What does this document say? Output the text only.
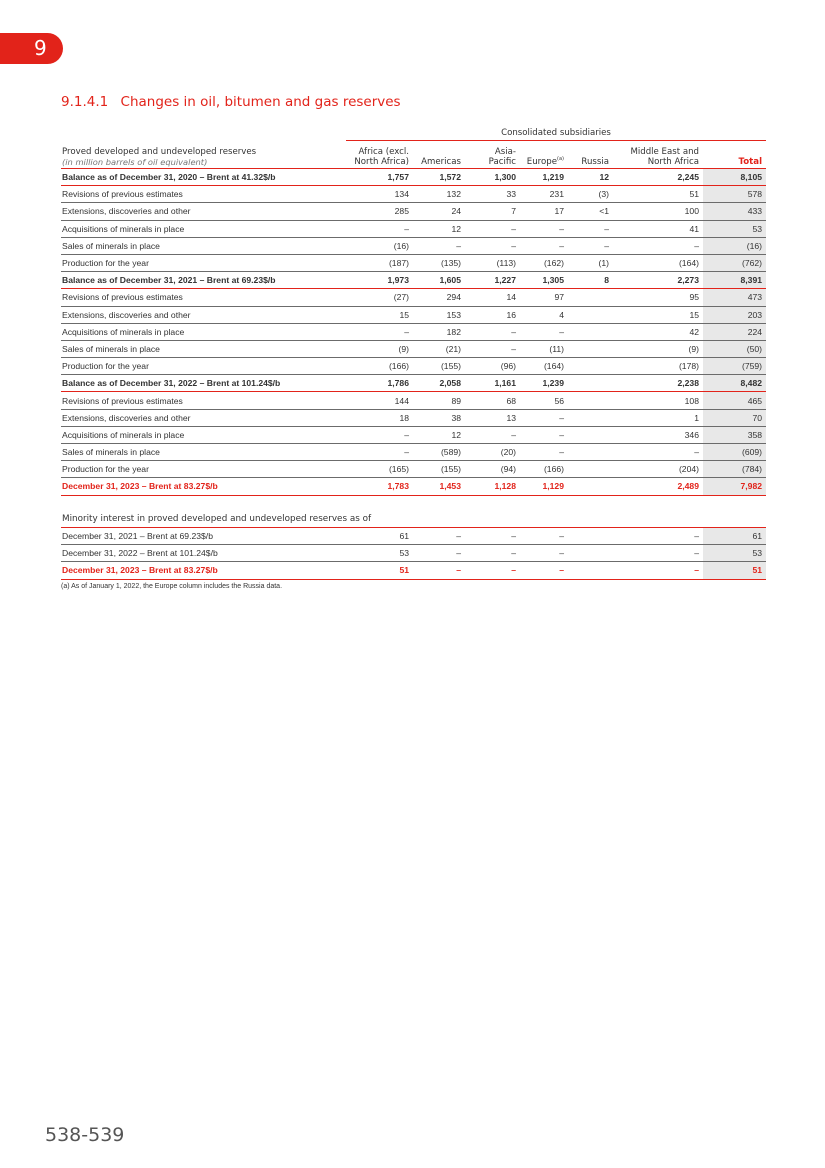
9
9.1.4.1 Changes in oil, bitumen and gas reserves
	Consolidated subsidiaries						

Proved developed and undeveloped reserves
(in million barrels of oil equivalent)	Africa (excl. North Africa)	Americas	Asia-Pacific	Europe$^{(a)}$	Russia	Middle East and North Africa	Total
Balance as of December 31, 2020 – Brent at 41.32$/b	1,757	1,572	1,300	1,219	12	2,245	8,105
Revisions of previous estimates	134	132	33	231	(3)	51	578
Extensions, discoveries and other	285	24	7	17	<1	100	433
Acquisitions of minerals in place	–	12	–	–	–	41	53
Sales of minerals in place	(16)	–	–	–	–	–	(16)
Production for the year	(187)	(135)	(113)	(162)	(1)	(164)	(762)
Balance as of December 31, 2021 – Brent at 69.23$/b	1,973	1,605	1,227	1,305	8	2,273	8,391
Revisions of previous estimates	(27)	294	14	97		95	473
Extensions, discoveries and other	15	153	16	4		15	203
Acquisitions of minerals in place	–	182	–	–		42	224
Sales of minerals in place	(9)	(21)	–	(11)		(9)	(50)
Production for the year	(166)	(155)	(96)	(164)		(178)	(759)
Balance as of December 31, 2022 – Brent at 101.24$/b	1,786	2,058	1,161	1,239		2,238	8,482
Revisions of previous estimates	144	89	68	56		108	465
Extensions, discoveries and other	18	38	13	–		1	70
Acquisitions of minerals in place	–	12	–	–		346	358
Sales of minerals in place	–	(589)	(20)	–		–	(609)
Production for the year	(165)	(155)	(94)	(166)		(204)	(784)
December 31, 2023 – Brent at 83.27$/b	1,783	1,453	1,128	1,129		2,489	7,982
Minority interest in proved developed and undeveloped reserves as of							
December 31, 2021 – Brent at 69.23$/b	61	–	–	–		–	61
December 31, 2022 – Brent at 101.24$/b	53	–	–	–		–	53
December 31, 2023 – Brent at 83.27$/b	51	–	–	–		–	51
(a) As of January 1, 2022, the Europe column includes the Russia data.
538-539
